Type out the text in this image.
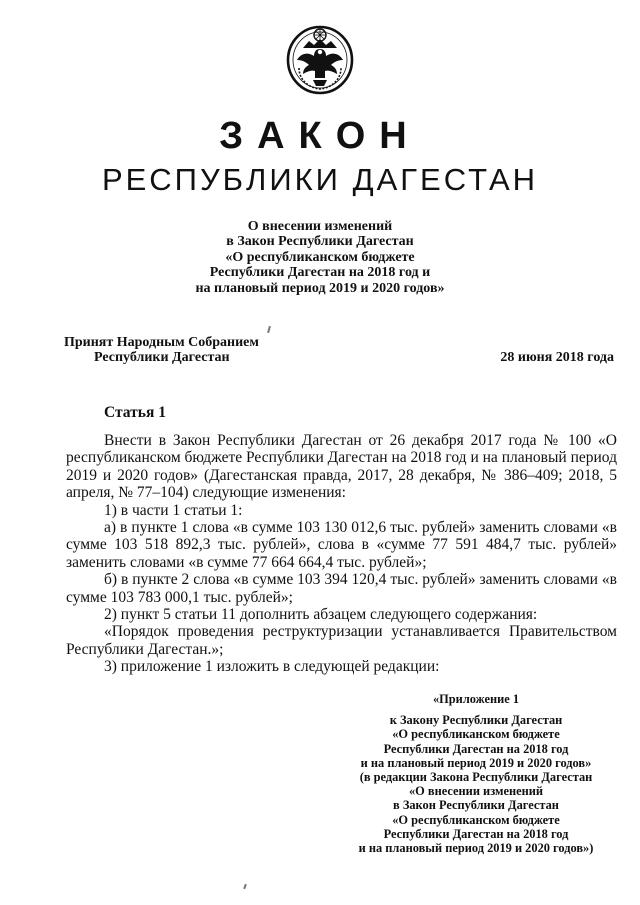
ЗАКОН
РЕСПУБЛИКИ ДАГЕСТАН
О внесении изменений
в Закон Республики Дагестан
«О республиканском бюджете
Республики Дагестан на 2018 год и
на плановый период 2019 и 2020 годов»
Принят Народным Собранием
Республики Дагестан	28 июня 2018 года
Статья 1

Внести в Закон Республики Дагестан от 26 декабря 2017 года № 100 «О республиканском бюджете Республики Дагестан на 2018 год и на плановый период 2019 и 2020 годов» (Дагестанская правда, 2017, 28 декабря, № 386–409; 2018, 5 апреля, № 77–104) следующие изменения:

1) в части 1 статьи 1:

а) в пункте 1 слова «в сумме 103 130 012,6 тыс. рублей» заменить словами «в сумме 103 518 892,3 тыс. рублей», слова в «сумме 77 591 484,7 тыс. рублей» заменить словами «в сумме 77 664 664,4 тыс. рублей»;

б) в пункте 2 слова «в сумме 103 394 120,4 тыс. рублей» заменить словами «в сумме 103 783 000,1 тыс. рублей»;

2) пункт 5 статьи 11 дополнить абзацем следующего содержания:

«Порядок проведения реструктуризации устанавливается Правительством Республики Дагестан.»;

3) приложение 1 изложить в следующей редакции:

«Приложение 1
к Закону Республики Дагестан
«О республиканском бюджете
Республики Дагестан на 2018 год
и на плановый период 2019 и 2020 годов»
(в редакции Закона Республики Дагестан
«О внесении изменений
в Закон Республики Дагестан
«О республиканском бюджете
Республики Дагестан на 2018 год
и на плановый период 2019 и 2020 годов»)
